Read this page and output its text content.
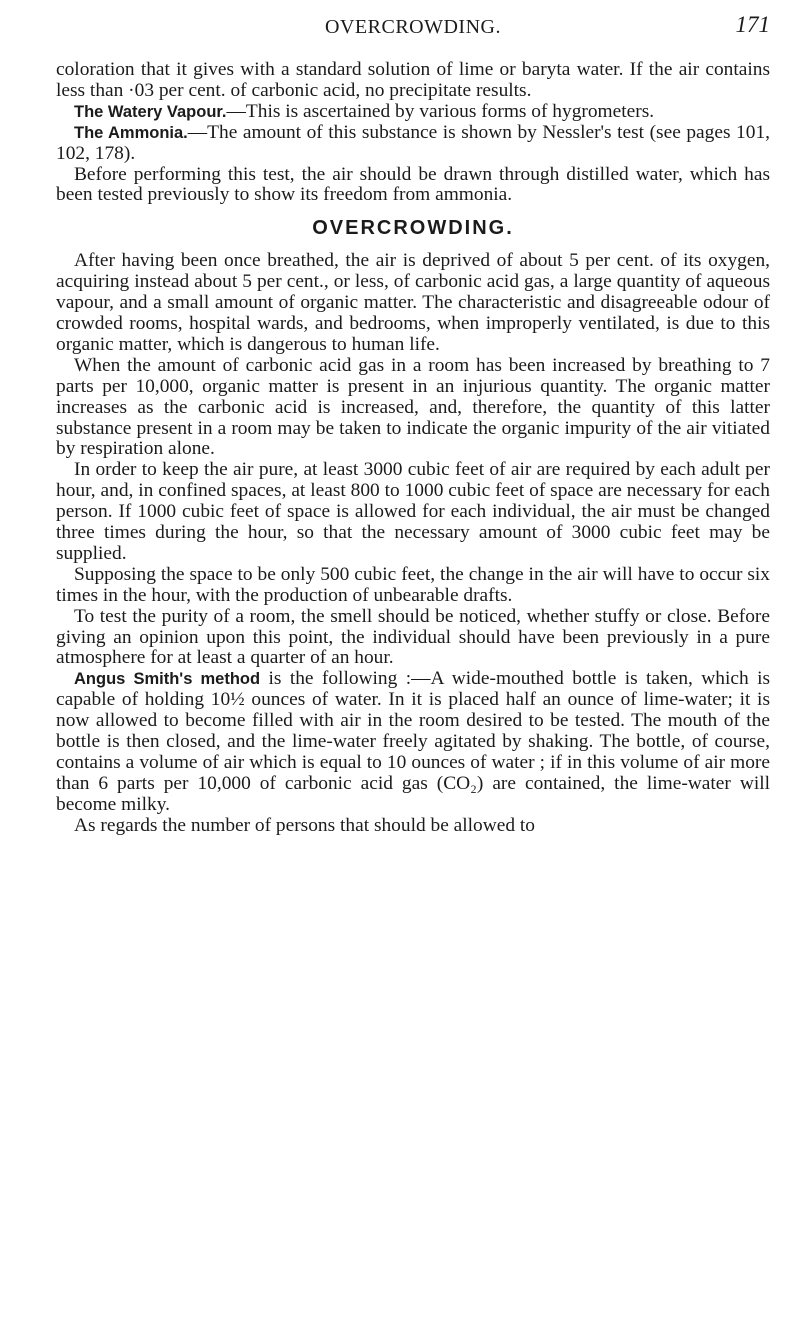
OVERCROWDING.	171

coloration that it gives with a standard solution of lime or baryta water. If the air contains less than ·03 per cent. of carbonic acid, no precipitate results.

The Watery Vapour.—This is ascertained by various forms of hygrometers.

The Ammonia.—The amount of this substance is shown by Nessler's test (see pages 101, 102, 178).

Before performing this test, the air should be drawn through distilled water, which has been tested previously to show its freedom from ammonia.

OVERCROWDING.

After having been once breathed, the air is deprived of about 5 per cent. of its oxygen, acquiring instead about 5 per cent., or less, of carbonic acid gas, a large quantity of aqueous vapour, and a small amount of organic matter. The characteristic and disagreeable odour of crowded rooms, hospital wards, and bedrooms, when improperly ventilated, is due to this organic matter, which is dangerous to human life.

When the amount of carbonic acid gas in a room has been increased by breathing to 7 parts per 10,000, organic matter is present in an injurious quantity. The organic matter increases as the carbonic acid is increased, and, therefore, the quantity of this latter substance present in a room may be taken to indicate the organic impurity of the air vitiated by respiration alone.

In order to keep the air pure, at least 3000 cubic feet of air are required by each adult per hour, and, in confined spaces, at least 800 to 1000 cubic feet of space are necessary for each person. If 1000 cubic feet of space is allowed for each individual, the air must be changed three times during the hour, so that the necessary amount of 3000 cubic feet may be supplied.

Supposing the space to be only 500 cubic feet, the change in the air will have to occur six times in the hour, with the production of unbearable drafts.

To test the purity of a room, the smell should be noticed, whether stuffy or close. Before giving an opinion upon this point, the individual should have been previously in a pure atmosphere for at least a quarter of an hour.

Angus Smith's method is the following :—A wide-mouthed bottle is taken, which is capable of holding 10½ ounces of water. In it is placed half an ounce of lime-water; it is now allowed to become filled with air in the room desired to be tested. The mouth of the bottle is then closed, and the lime-water freely agitated by shaking. The bottle, of course, contains a volume of air which is equal to 10 ounces of water ; if in this volume of air more than 6 parts per 10,000 of carbonic acid gas (CO₂) are contained, the lime-water will become milky.

As regards the number of persons that should be allowed to
